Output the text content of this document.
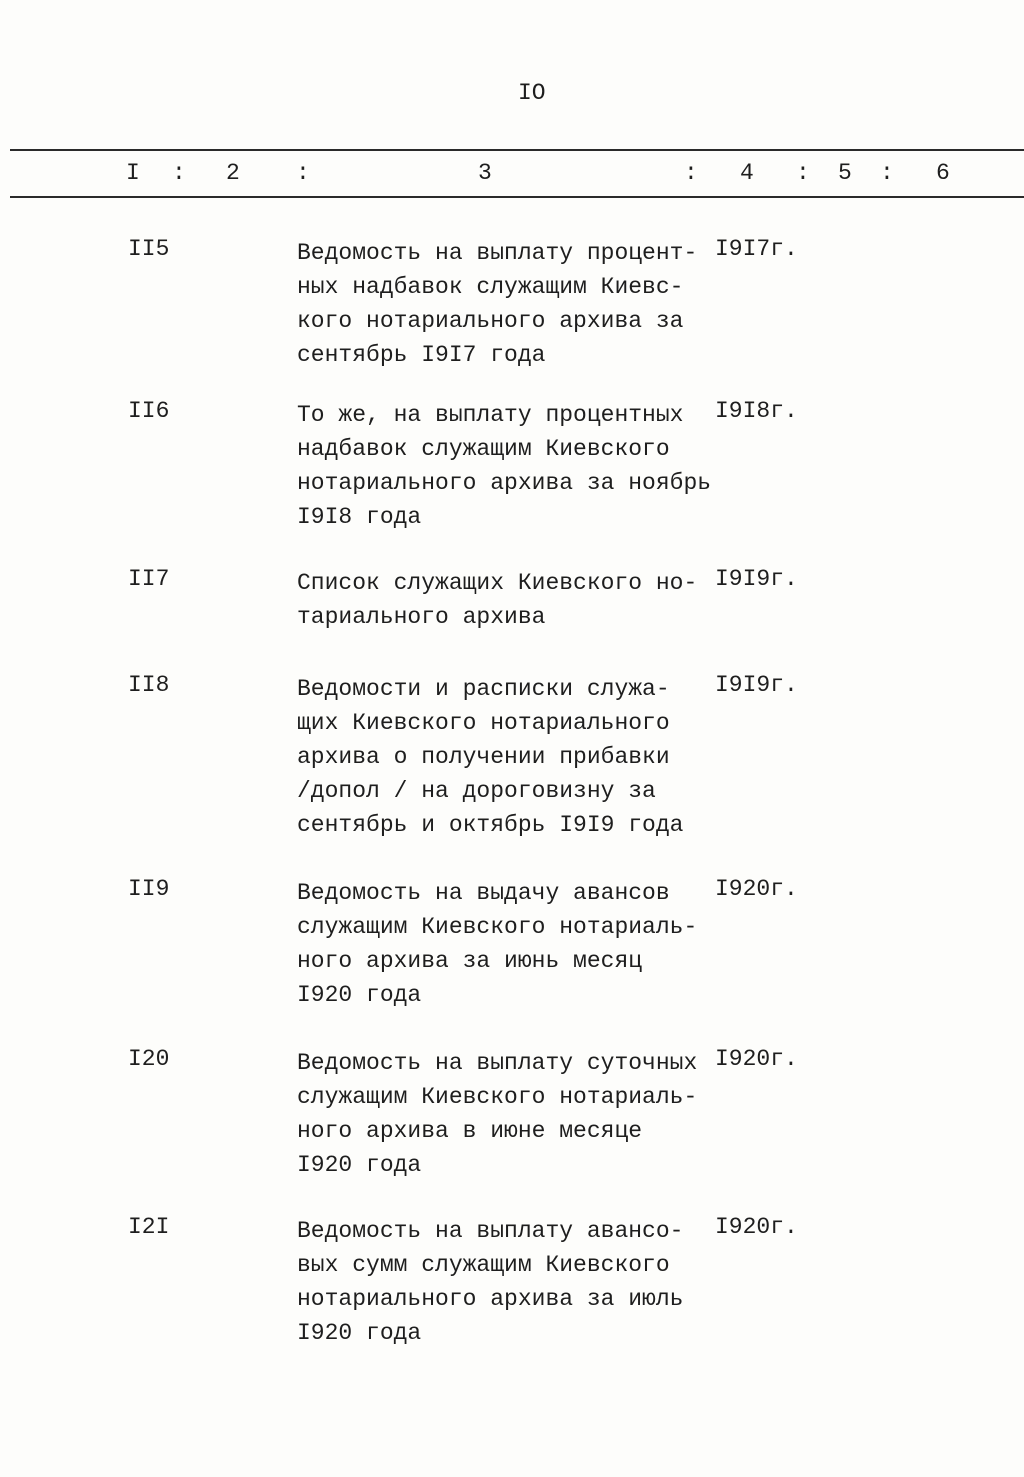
IO
I : 2 :	3	: 4 : 5 : 6
II5	Ведомость на выплату процент-
ных надбавок служащим Киевс-
кого нотариального архива за
сентябрь I9I7 года
I9I7г.
II6	То же, на выплату процентных
надбавок служащим Киевского
нотариального архива за ноябрь
I9I8 года
I9I8г.
II7	Список служащих Киевского но-
тариального архива
I9I9г.
II8	Ведомости и расписки служа-
щих Киевского нотариального
архива о получении прибавки
/допол / на дороговизну за
сентябрь и октябрь I9I9 года
I9I9г.
II9	Ведомость на выдачу авансов
служащим Киевского нотариаль-
ного архива за июнь месяц
I920 года
I920г.
I20	Ведомость на выплату суточных
служащим Киевского нотариаль-
ного архива в июне месяце
I920 года
I920г.
I2I	Ведомость на выплату авансо-
вых сумм служащим Киевского
нотариального архива за июль
I920 года
I920г.
